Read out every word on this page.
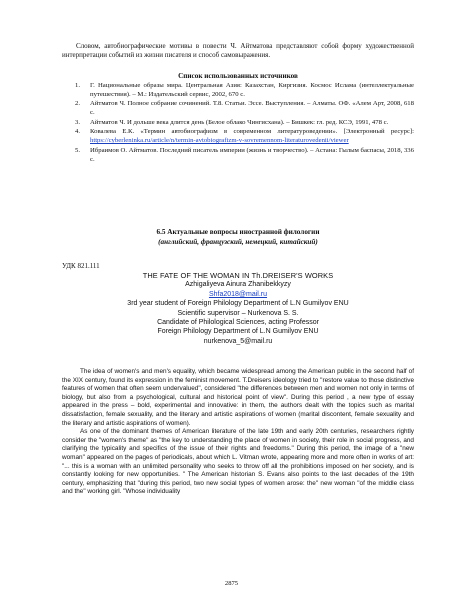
Словом, автобиографические мотивы в повести Ч. Айтматова представляют собой форму художественной интерпретации событий из жизни писателя и способ самовыражения.

Список использованных источников

1. Г. Национальные образы мира. Центральная Азия: Казахстан, Киргизия. Космос Ислама (интеллектуальные путешествия). – М.: Издательский сервис, 2002, 670 с.
2. Айтматов Ч. Полное собрание сочинений. Т.8. Статьи. Эссе. Выступления. – Алматы. ОФ. «Алем Арт, 2008, 618 с.
3. Айтматов Ч. И дольше века длится день (Белое облако Чингисхана). – Бишкек: гл. ред. КСЭ, 1991, 478 с.
4. Ковалева Е.К. «Термин автобиографизм в современном литературоведении». [Электронный ресурс]: https://cyberleninka.ru/article/n/termin-avtobiografizm-v-sovremennom-literaturovedenii/viewer
5. Ибраимов О. Айтматов. Последний писатель империи (жизнь и творчество). – Астана: Гылым баспасы, 2018, 336 с.
6.5 Актуальные вопросы иностранной филологии
(английский, французский, немецкий, китайский)
УДК 821.111
THE FATE OF THE WOMAN IN Th.DREISER'S WORKS
Azhigaliyeva Ainura Zhanibekkyzy
Shfa2018@mail.ru
3rd year student of Foreign Philology Department of L.N Gumilyov ENU
Scientific supervisor – Nurkenova S. S.
Candidate of Philological Sciences, acting Professor
Foreign Philology Department of L.N Gumilyov ENU
nurkenova_5@mail.ru

The idea of women's and men's equality, which became widespread among the American public in the second half of the XIX century, found its expression in the feminist movement. T.Dreisers ideology tried to "restore value to those distinctive features of women that often seem undervalued", considered "the differences between men and women not only in terms of biology, but also from a psychological, cultural and historical point of view". During this period , a new type of essay appeared in the press – bold, experimental and innovative: in them, the authors dealt with the topics such as marital dissatisfaction, female sexuality, and the literary and artistic aspirations of women (marital discontent, female sexuality and the literary and artistic aspirations of women).

As one of the dominant themes of American literature of the late 19th and early 20th centuries, researchers rightly consider the "women's theme" as "the key to understanding the place of women in society, their role in social progress, and clarifying the typicality and specifics of the issue of their rights and freedoms." During this period, the image of a "new woman" appeared on the pages of periodicals, about which L. Vitman wrote, appearing more and more often in works of art: "... this is a woman with an unlimited personality who seeks to throw off all the prohibitions imposed on her society, and is constantly looking for new opportunities. " The American historian S. Evans also points to the last decades of the 19th century, emphasizing that "during this period, two new social types of women arose: the" new woman "of the middle class and the" working girl. "Whose individuality

2875
